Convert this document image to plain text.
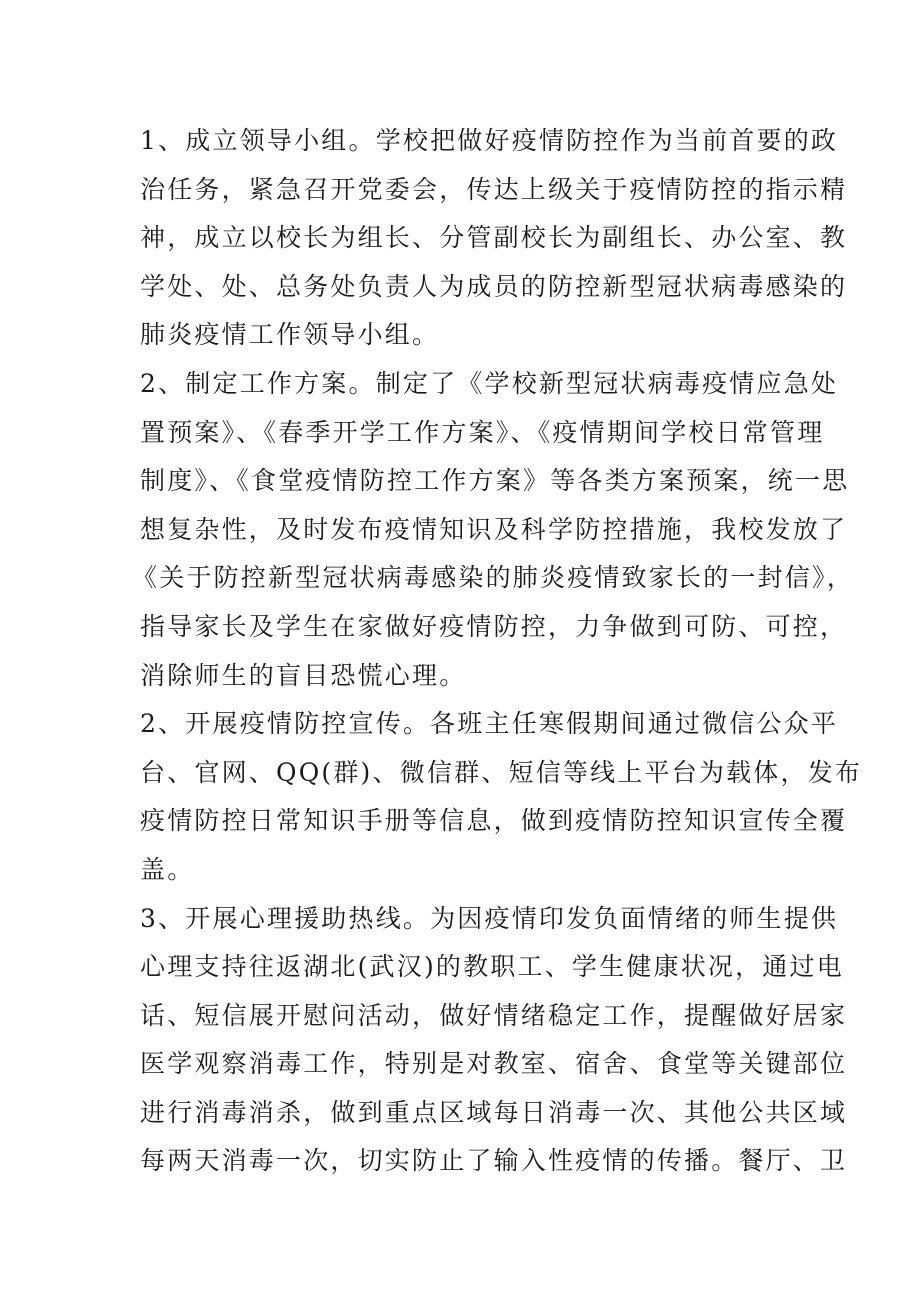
1、成立领导小组。学校把做好疫情防控作为当前首要的政
治任务，紧急召开党委会，传达上级关于疫情防控的指示精
神，成立以校长为组长、分管副校长为副组长、办公室、教
学处、处、总务处负责人为成员的防控新型冠状病毒感染的
肺炎疫情工作领导小组。
2、制定工作方案。制定了《学校新型冠状病毒疫情应急处
置预案》、《春季开学工作方案》、《疫情期间学校日常管理
制度》、《食堂疫情防控工作方案》等各类方案预案，统一思
想复杂性，及时发布疫情知识及科学防控措施，我校发放了
《关于防控新型冠状病毒感染的肺炎疫情致家长的一封信》，
指导家长及学生在家做好疫情防控，力争做到可防、可控，
消除师生的盲目恐慌心理。
2、开展疫情防控宣传。各班主任寒假期间通过微信公众平
台、官网、QQ(群)、微信群、短信等线上平台为载体，发布
疫情防控日常知识手册等信息，做到疫情防控知识宣传全覆
盖。
3、开展心理援助热线。为因疫情印发负面情绪的师生提供
心理支持往返湖北(武汉)的教职工、学生健康状况，通过电
话、短信展开慰问活动，做好情绪稳定工作，提醒做好居家
医学观察消毒工作，特别是对教室、宿舍、食堂等关键部位
进行消毒消杀，做到重点区域每日消毒一次、其他公共区域
每两天消毒一次，切实防止了输入性疫情的传播。餐厅、卫
